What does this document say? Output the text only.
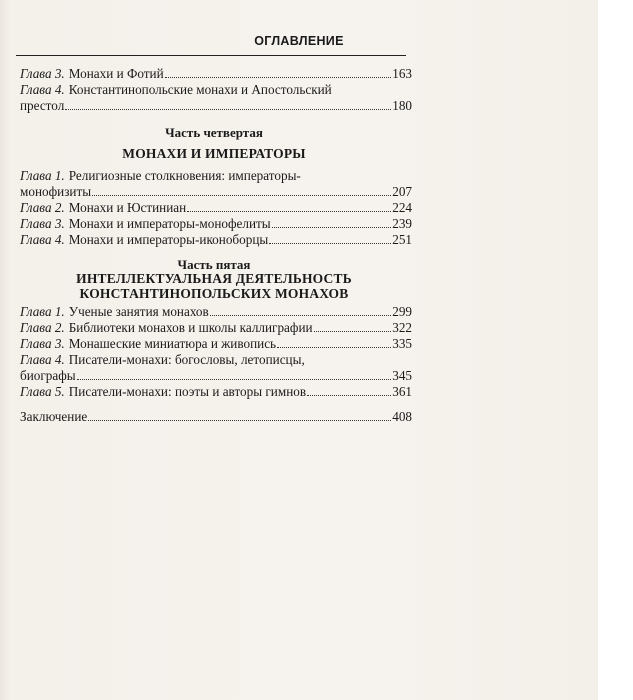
ОГЛАВЛЕНИЕ
Глава 3. Монахи и Фотий	163
Глава 4. Константинопольские монахи и Апостольский
престол	180
Часть четвертая
МОНАХИ И ИМПЕРАТОРЫ
Глава 1. Религиозные столкновения: императоры-
монофизиты	207
Глава 2. Монахи и Юстиниан	224
Глава 3. Монахи и императоры-монофелиты	239
Глава 4. Монахи и императоры-иконоборцы	251
Часть пятая
ИНТЕЛЛЕКТУАЛЬНАЯ ДЕЯТЕЛЬНОСТЬ
КОНСТАНТИНОПОЛЬСКИХ МОНАХОВ
Глава 1. Ученые занятия монахов	299
Глава 2. Библиотеки монахов и школы каллиграфии	322
Глава 3. Монашеские миниатюра и живопись	335
Глава 4. Писатели-монахи: богословы, летописцы,
биографы	345
Глава 5. Писатели-монахи: поэты и авторы гимнов	361
Заключение	408
